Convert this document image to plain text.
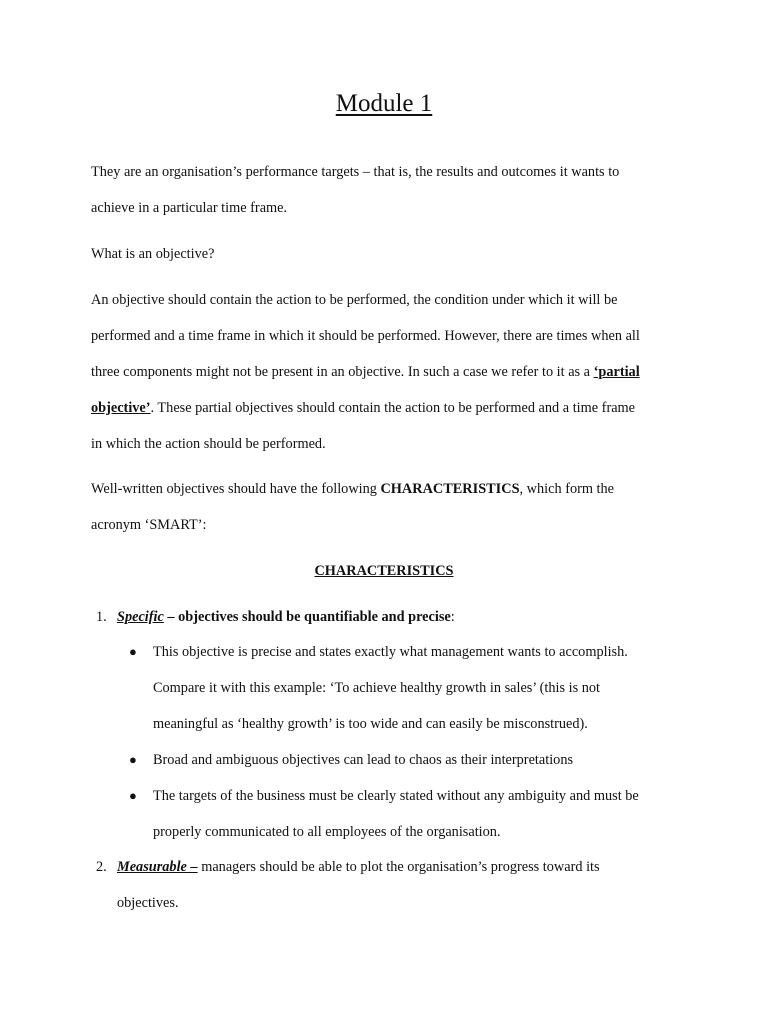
Module 1
They are an organisation’s performance targets – that is, the results and outcomes it wants to
achieve in a particular time frame.
What is an objective?
An objective should contain the action to be performed, the condition under which it will be
performed and a time frame in which it should be performed. However, there are times when all
three components might not be present in an objective. In such a case we refer to it as a ‘partial
objective’. These partial objectives should contain the action to be performed and a time frame
in which the action should be performed.
Well-written objectives should have the following CHARACTERISTICS, which form the
acronym ‘SMART’:
CHARACTERISTICS
1. Specific – objectives should be quantifiable and precise:
● This objective is precise and states exactly what management wants to accomplish.
Compare it with this example: ‘To achieve healthy growth in sales’ (this is not
meaningful as ‘healthy growth’ is too wide and can easily be misconstrued).
● Broad and ambiguous objectives can lead to chaos as their interpretations
● The targets of the business must be clearly stated without any ambiguity and must be
properly communicated to all employees of the organisation.
2. Measurable – managers should be able to plot the organisation’s progress toward its
objectives.
